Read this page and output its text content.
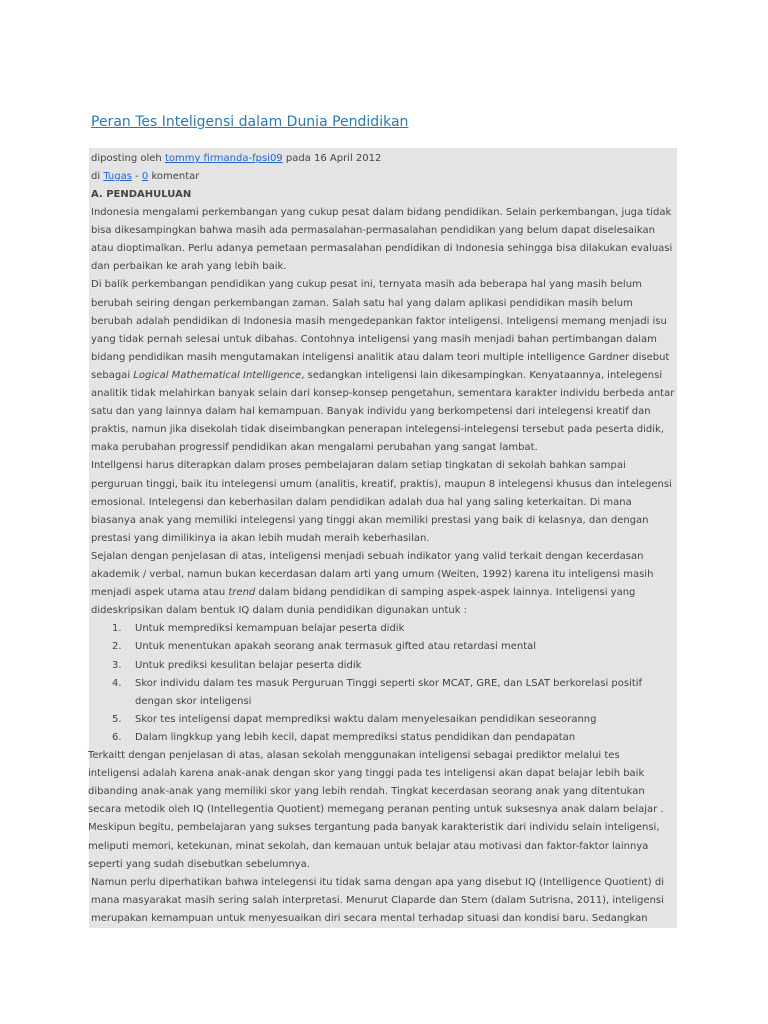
Peran Tes Inteligensi dalam Dunia Pendidikan
diposting oleh tommy firmanda-fpsi09 pada 16 April 2012
di Tugas - 0 komentar
A. PENDAHULUAN
Indonesia mengalami perkembangan yang cukup pesat dalam bidang pendidikan. Selain perkembangan, juga tidak
bisa dikesampingkan bahwa masih ada permasalahan-permasalahan pendidikan yang belum dapat diselesaikan
atau dioptimalkan. Perlu adanya pemetaan permasalahan pendidikan di Indonesia sehingga bisa dilakukan evaluasi
dan perbaikan ke arah yang lebih baik.
Di balik perkembangan pendidikan yang cukup pesat ini, ternyata masih ada beberapa hal yang masih belum
berubah seiring dengan perkembangan zaman. Salah satu hal yang dalam aplikasi pendidikan masih belum
berubah adalah pendidikan di Indonesia masih mengedepankan faktor inteligensi. Inteligensi memang menjadi isu
yang tidak pernah selesai untuk dibahas. Contohnya inteligensi yang masih menjadi bahan pertimbangan dalam
bidang pendidikan masih mengutamakan inteligensi analitik atau dalam teori multiple intelligence Gardner disebut
sebagai Logical Mathematical Intelligence, sedangkan inteligensi lain dikesampingkan. Kenyataannya, intelegensi
analitik tidak melahirkan banyak selain dari konsep-konsep pengetahun, sementara karakter individu berbeda antar
satu dan yang lainnya dalam hal kemampuan. Banyak individu yang berkompetensi dari intelegensi kreatif dan
praktis, namun jika disekolah tidak diseimbangkan penerapan intelegensi-intelegensi tersebut pada peserta didik,
maka perubahan progressif pendidikan akan mengalami perubahan yang sangat lambat.
Intellgensi harus diterapkan dalam proses pembelajaran dalam setiap tingkatan di sekolah bahkan sampai
perguruan tinggi, baik itu intelegensi umum (analitis, kreatif, praktis), maupun 8 intelegensi khusus dan intelegensi
emosional. Intelegensi dan keberhasilan dalam pendidikan adalah dua hal yang saling keterkaitan. Di mana
biasanya anak yang memiliki intelegensi yang tinggi akan memiliki prestasi yang baik di kelasnya, dan dengan
prestasi yang dimilikinya ia akan lebih mudah meraih keberhasilan.
Sejalan dengan penjelasan di atas, inteligensi menjadi sebuah indikator yang valid terkait dengan kecerdasan
akademik / verbal, namun bukan kecerdasan dalam arti yang umum (Weiten, 1992) karena itu inteligensi masih
menjadi aspek utama atau trend dalam bidang pendidikan di samping aspek-aspek lainnya. Inteligensi yang
dideskripsikan dalam bentuk IQ dalam dunia pendidikan digunakan untuk :
1. Untuk memprediksi kemampuan belajar peserta didik
2. Untuk menentukan apakah seorang anak termasuk gifted atau retardasi mental
3. Untuk prediksi kesulitan belajar peserta didik
4. Skor individu dalam tes masuk Perguruan Tinggi seperti skor MCAT, GRE, dan LSAT berkorelasi positif
dengan skor inteligensi
5. Skor tes inteligensi dapat memprediksi waktu dalam menyelesaikan pendidikan seseoranng
6. Dalam lingkkup yang lebih kecil, dapat memprediksi status pendidikan dan pendapatan
Terkaitt dengan penjelasan di atas, alasan sekolah menggunakan inteligensi sebagai prediktor melalui tes
inteligensi adalah karena anak-anak dengan skor yang tinggi pada tes inteligensi akan dapat belajar lebih baik
dibanding anak-anak yang memiliki skor yang lebih rendah. Tingkat kecerdasan seorang anak yang ditentukan
secara metodik oleh IQ (Intellegentia Quotient) memegang peranan penting untuk suksesnya anak dalam belajar .
Meskipun begitu, pembelajaran yang sukses tergantung pada banyak karakteristik dari individu selain inteligensi,
meliputi memori, ketekunan, minat sekolah, dan kemauan untuk belajar atau motivasi dan faktor-faktor lainnya
seperti yang sudah disebutkan sebelumnya.
Namun perlu diperhatikan bahwa intelegensi itu tidak sama dengan apa yang disebut IQ (Intelligence Quotient) di
mana masyarakat masih sering salah interpretasi. Menurut Claparde dan Stern (dalam Sutrisna, 2011), inteligensi
merupakan kemampuan untuk menyesuaikan diri secara mental terhadap situasi dan kondisi baru. Sedangkan
